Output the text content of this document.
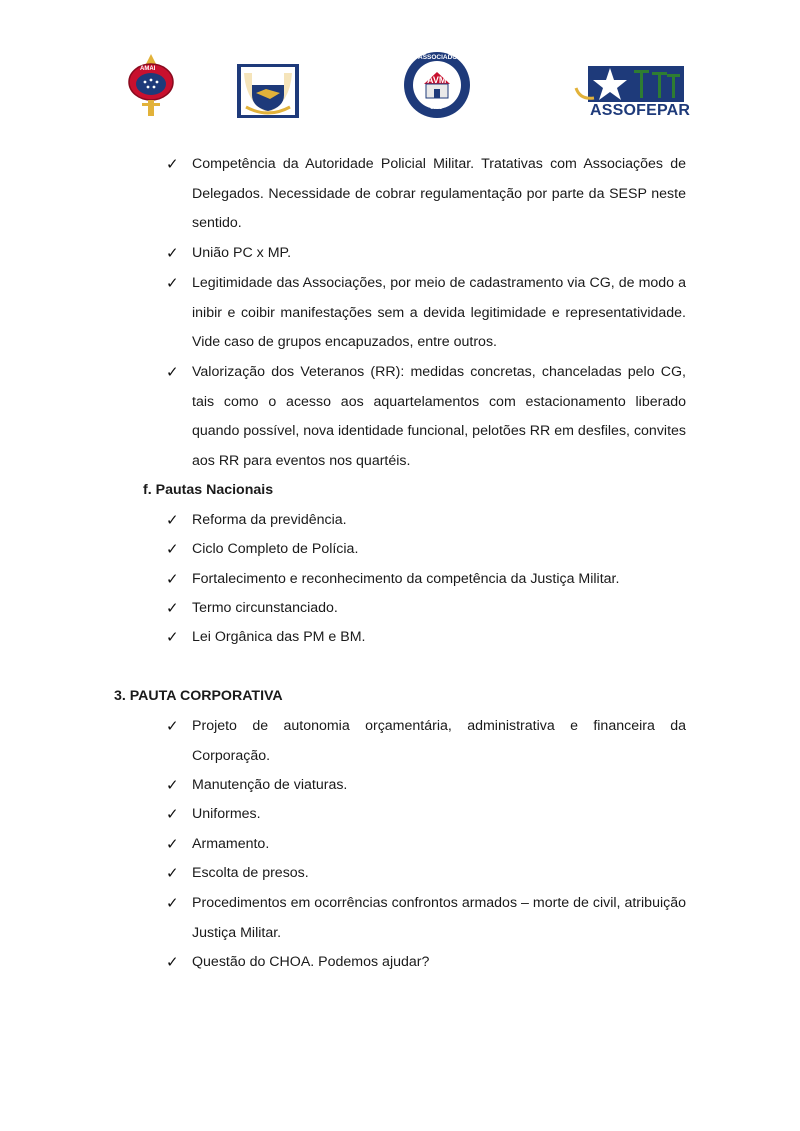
AMAI
ASSOCIADO
AVM
1963	ASSOFEPAR
✓ Competência da Autoridade Policial Militar. Tratativas com Associações de Delegados. Necessidade de cobrar regulamentação por parte da SESP neste sentido.
✓ União PC x MP.
✓ Legitimidade das Associações, por meio de cadastramento via CG, de modo a inibir e coibir manifestações sem a devida legitimidade e representatividade. Vide caso de grupos encapuzados, entre outros.
✓ Valorização dos Veteranos (RR): medidas concretas, chanceladas pelo CG, tais como o acesso aos aquartelamentos com estacionamento liberado quando possível, nova identidade funcional, pelotões RR em desfiles, convites aos RR para eventos nos quartéis.
f. Pautas Nacionais
✓ Reforma da previdência.
✓ Ciclo Completo de Polícia.
✓ Fortalecimento e reconhecimento da competência da Justiça Militar.
✓ Termo circunstanciado.
✓ Lei Orgânica das PM e BM.
3. PAUTA CORPORATIVA
✓ Projeto de autonomia orçamentária, administrativa e financeira da Corporação.
✓ Manutenção de viaturas.
✓ Uniformes.
✓ Armamento.
✓ Escolta de presos.
✓ Procedimentos em ocorrências confrontos armados – morte de civil, atribuição Justiça Militar.
✓ Questão do CHOA. Podemos ajudar?
